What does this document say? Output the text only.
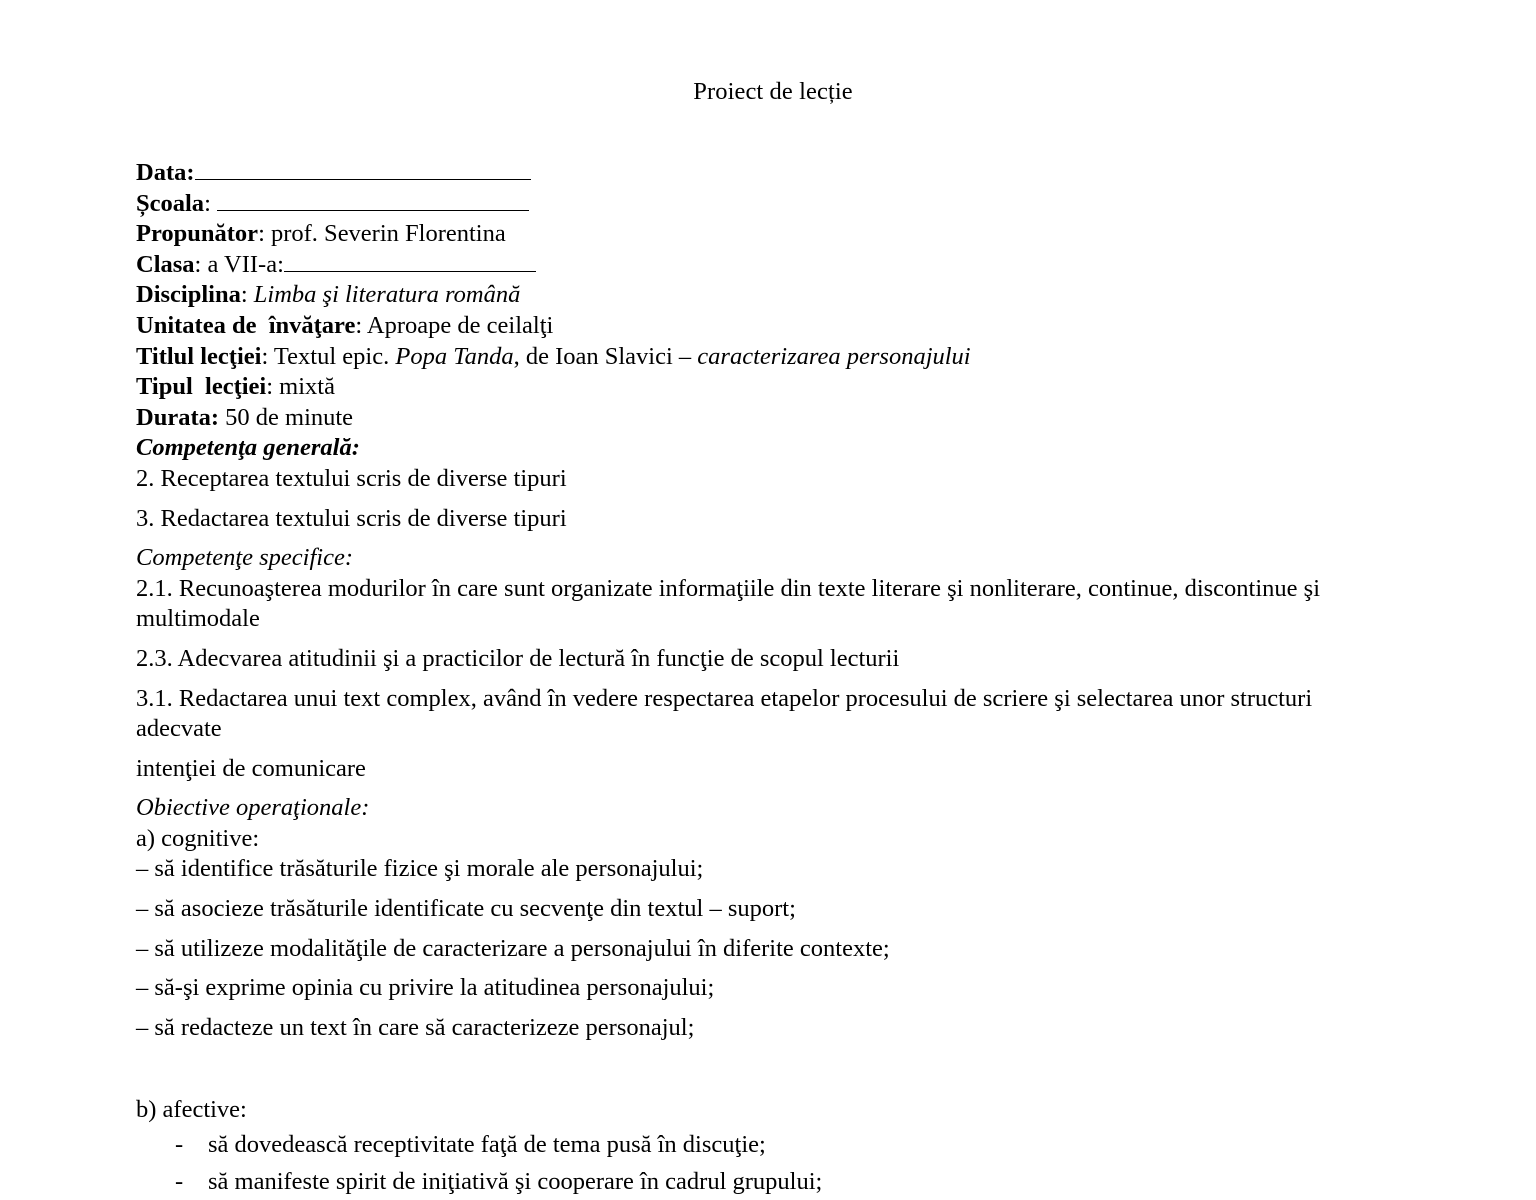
Proiect de lecție
Data:
Școala:
Propunător: prof. Severin Florentina
Clasa: a VII-a:
Disciplina: Limba şi literatura română
Unitatea de  învăţare: Aproape de ceilalţi
Titlul lecţiei: Textul epic. Popa Tanda, de Ioan Slavici – caracterizarea personajului
Tipul  lecţiei: mixtă
Durata: 50 de minute
Competenţa generală:
2. Receptarea textului scris de diverse tipuri
3. Redactarea textului scris de diverse tipuri
Competenţe specifice:
2.1. Recunoaşterea modurilor în care sunt organizate informaţiile din texte literare şi nonliterare, continue, discontinue şi multimodale
2.3. Adecvarea atitudinii şi a practicilor de lectură în funcţie de scopul lecturii
3.1. Redactarea unui text complex, având în vedere respectarea etapelor procesului de scriere şi selectarea unor structuri adecvate
intenţiei de comunicare
Obiective operaţionale:
a) cognitive:
– să identifice trăsăturile fizice şi morale ale personajului;
– să asocieze trăsăturile identificate cu secvenţe din textul – suport;
– să utilizeze modalităţile de caracterizare a personajului în diferite contexte;
– să-şi exprime opinia cu privire la atitudinea personajului;
– să redacteze un text în care să caracterizeze personajul;
b) afective:
- să dovedească receptivitate faţă de tema pusă în discuţie;
- să manifeste spirit de iniţiativă şi cooperare în cadrul grupului;
